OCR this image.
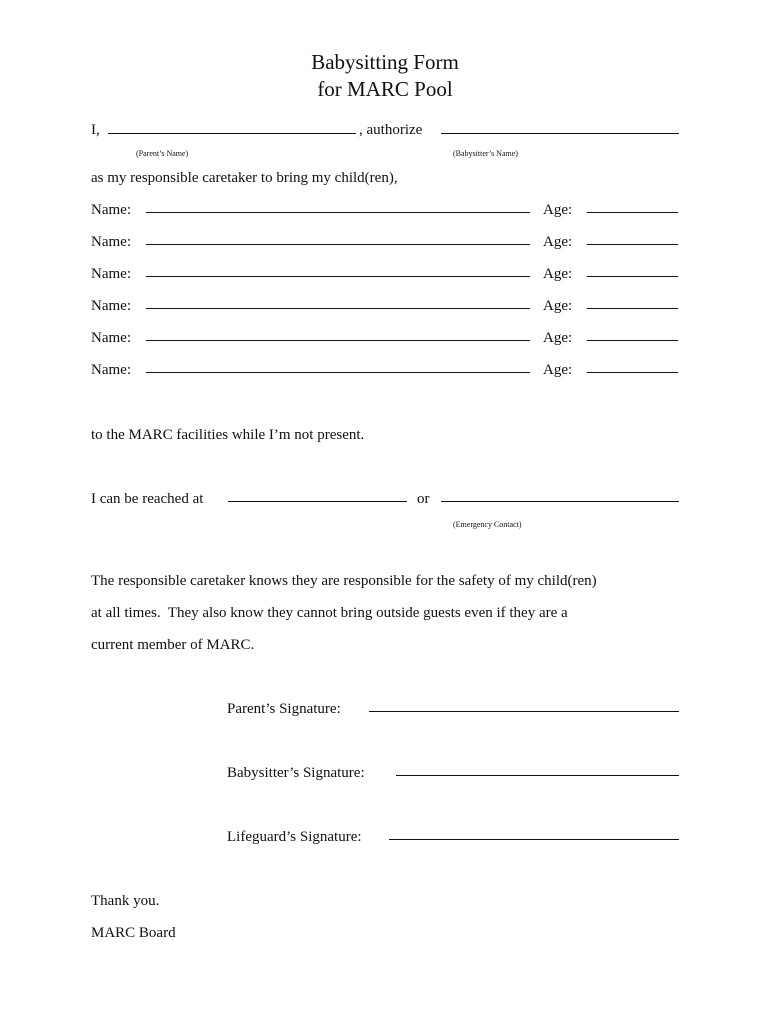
Babysitting Form
for MARC Pool
I,	, authorize
(Parent’s Name)	(Babysitter’s Name)
as my responsible caretaker to bring my child(ren),
Name:	Age:
Name:	Age:
Name:	Age:
Name:	Age:
Name:	Age:
Name:	Age:
to the MARC facilities while I’m not present.
I can be reached at	or
(Emergency Contact)
The responsible caretaker knows they are responsible for the safety of my child(ren)
at all times.  They also know they cannot bring outside guests even if they are a
current member of MARC.
Parent’s Signature:
Babysitter’s Signature:
Lifeguard’s Signature:
Thank you.
MARC Board
